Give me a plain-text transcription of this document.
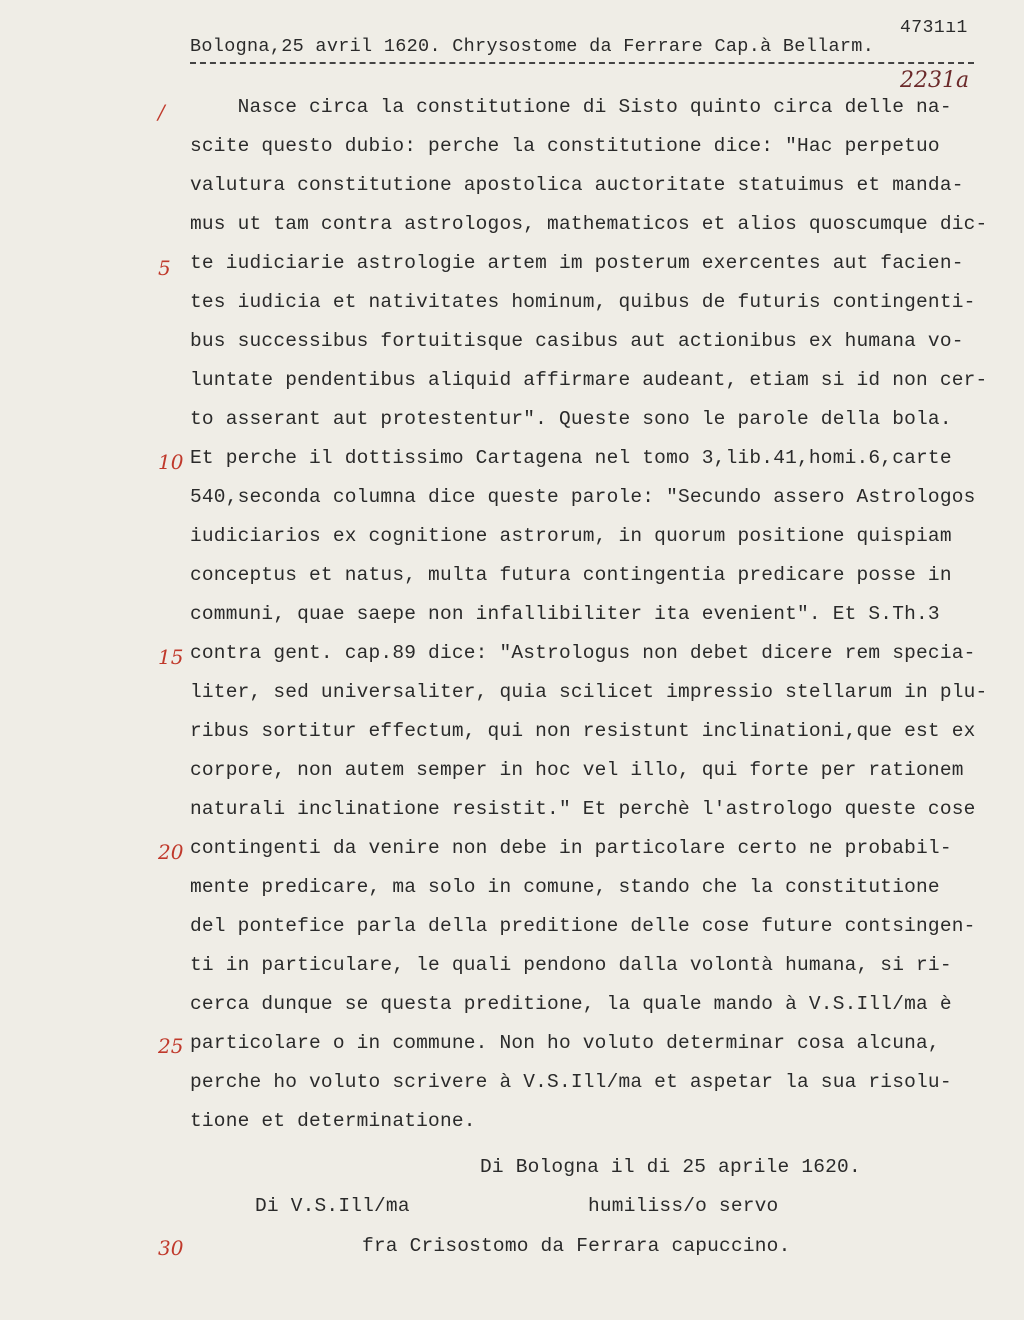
4731ı1
Bologna,25 avril 1620. Chrysostome da Ferrare Cap.à Bellarm.
2231a
Nasce circa la constitutione di Sisto quinto circa delle na-
scite questo dubio: perche la constitutione dice: "Hac perpetuo
valutura constitutione apostolica auctoritate statuimus et manda-
mus ut tam contra astrologos, mathematicos et alios quoscumque dic-
te iudiciarie astrologie artem im posterum exercentes aut facien-
tes iudicia et nativitates hominum, quibus de futuris contingenti-
bus successibus fortuitisque casibus aut actionibus ex humana vo-
luntate pendentibus aliquid affirmare audeant, etiam si id non cer-
to asserant aut protestentur". Queste sono le parole della bola.
Et perche il dottissimo Cartagena nel tomo 3,lib.41,homi.6,carte
540,seconda columna dice queste parole: "Secundo assero Astrologos
iudiciarios ex cognitione astrorum, in quorum positione quispiam
conceptus et natus, multa futura contingentia predicare posse in
communi, quae saepe non infallibiliter ita evenient". Et S.Th.3
contra gent. cap.89 dice: "Astrologus non debet dicere rem specia-
liter, sed universaliter, quia scilicet impressio stellarum in plu-
ribus sortitur effectum, qui non resistunt inclinationi,que est ex
corpore, non autem semper in hoc vel illo, qui forte per rationem
naturali inclinatione resistit." Et perchè l'astrologo queste cose
contingenti da venire non debe in particolare certo ne probabil-
mente predicare, ma solo in comune, stando che la constitutione
del pontefice parla della preditione delle cose future contsingen-
ti in particulare, le quali pendono dalla volontà humana, si ri-
cerca dunque se questa preditione, la quale mando à V.S.Ill/ma è
particolare o in commune. Non ho voluto determinar cosa alcuna,
perche ho voluto scrivere à V.S.Ill/ma et aspetar la sua risolu-
tione et determinatione.
/
5
10
15
20
25
30
Di Bologna il di 25 aprile 1620.
Di V.S.Ill/ma	humiliss/o servo
fra Crisostomo da Ferrara capuccino.
